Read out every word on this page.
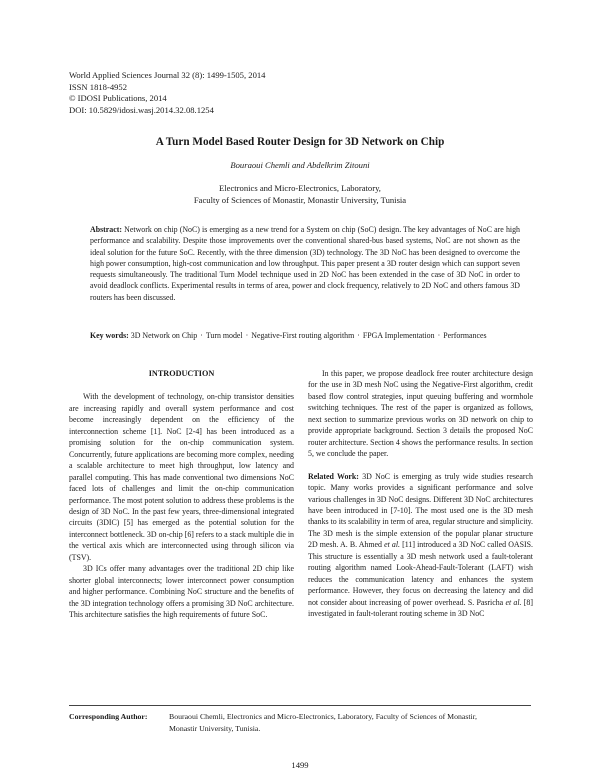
World Applied Sciences Journal 32 (8): 1499-1505, 2014
ISSN 1818-4952
© IDOSI Publications, 2014
DOI: 10.5829/idosi.wasj.2014.32.08.1254
A Turn Model Based Router Design for 3D Network on Chip
Bouraoui Chemli and Abdelkrim Zitouni
Electronics and Micro-Electronics, Laboratory,
Faculty of Sciences of Monastir, Monastir University, Tunisia
Abstract: Network on chip (NoC) is emerging as a new trend for a System on chip (SoC) design. The key advantages of NoC are high performance and scalability. Despite those improvements over the conventional shared-bus based systems, NoC are not shown as the ideal solution for the future SoC. Recently, with the three dimension (3D) technology. The 3D NoC has been designed to overcome the high power consumption, high-cost communication and low throughput. This paper present a 3D router design which can support seven requests simultaneously. The traditional Turn Model technique used in 2D NoC has been extended in the case of 3D NoC in order to avoid deadlock conflicts. Experimental results in terms of area, power and clock frequency, relatively to 2D NoC and others famous 3D routers has been discussed.
Key words: 3D Network on Chip · Turn model · Negative-First routing algorithm · FPGA Implementation · Performances
INTRODUCTION

With the development of technology, on-chip transistor densities are increasing rapidly and overall system performance and cost become increasingly dependent on the efficiency of the interconnection scheme [1]. NoC [2-4] has been introduced as a promising solution for the on-chip communication system. Concurrently, future applications are becoming more complex, needing a scalable architecture to meet high throughput, low latency and parallel computing. This has made conventional two dimensions NoC faced lots of challenges and limit the on-chip communication performance. The most potent solution to address these problems is the design of 3D NoC. In the past few years, three-dimensional integrated circuits (3DIC) [5] has emerged as the potential solution for the interconnect bottleneck. 3D on-chip [6] refers to a stack multiple die in the vertical axis which are interconnected using through silicon via (TSV).

3D ICs offer many advantages over the traditional 2D chip like shorter global interconnects; lower interconnect power consumption and higher performance. Combining NoC structure and the benefits of the 3D integration technology offers a promising 3D NoC architecture. This architecture satisfies the high requirements of future SoC.

In this paper, we propose deadlock free router architecture design for the use in 3D mesh NoC using the Negative-First algorithm, credit based flow control strategies, input queuing buffering and wormhole switching techniques. The rest of the paper is organized as follows, next section to summarize previous works on 3D network on chip to provide appropriate background. Section 3 details the proposed NoC router architecture. Section 4 shows the performance results. In section 5, we conclude the paper.

Related Work: 3D NoC is emerging as truly wide studies research topic. Many works provides a significant performance and solve various challenges in 3D NoC designs. Different 3D NoC architectures have been introduced in [7-10]. The most used one is the 3D mesh thanks to its scalability in term of area, regular structure and simplicity. The 3D mesh is the simple extension of the popular planar structure 2D mesh. A. B. Ahmed et al. [11] introduced a 3D NoC called OASIS. This structure is essentially a 3D mesh network used a fault-tolerant routing algorithm named Look-Ahead-Fault-Tolerant (LAFT) wish reduces the communication latency and enhances the system performance. However, they focus on decreasing the latency and did not consider about increasing of power overhead. S. Pasricha et al. [8] investigated in fault-tolerant routing scheme in 3D NoC

Corresponding Author:	Bouraoui Chemli, Electronics and Micro-Electronics, Laboratory, Faculty of Sciences of Monastir,
Monastir University, Tunisia.
1499
